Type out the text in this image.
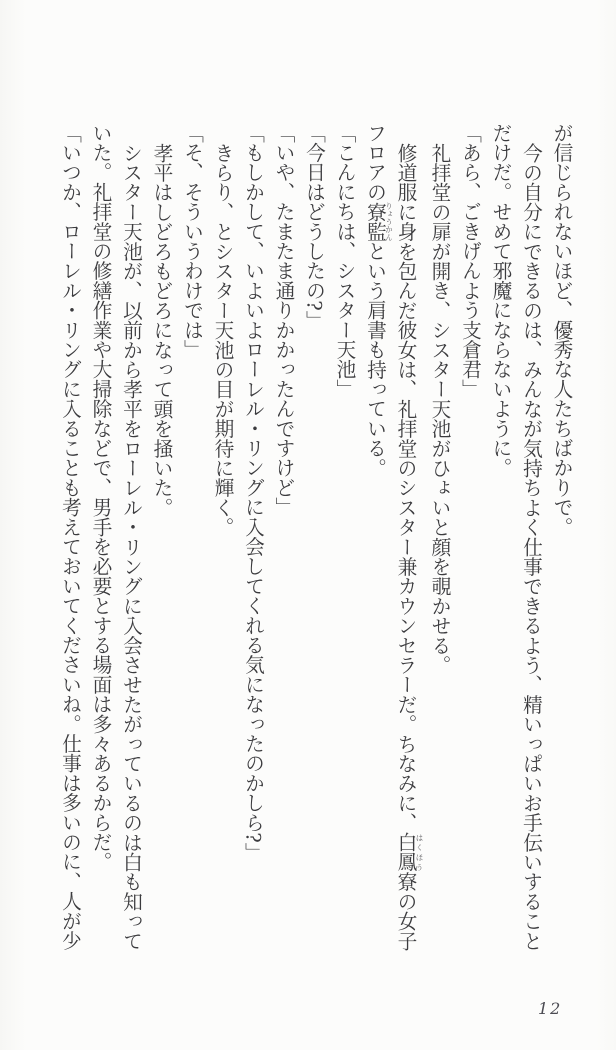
が信じられないほど、優秀な人たちばかりで。

今の自分にできるのは、みんなが気持ちよく仕事できるよう、精いっぱいお手伝いすることだけだ。せめて邪魔にならないように。

「あら、ごきげんよう支倉君」

礼拝堂の扉が開き、シスター天池がひょいと顔を覗かせる。

修道服に身を包んだ彼女は、礼拝堂のシスター兼カウンセラーだ。ちなみに、白鳳はくほう寮の女子フロアの寮監りょうかんという肩書も持っている。

「こんにちは、シスター天池」

「今日はどうしたの?」

「いや、たまたま通りかかったんですけど」

「もしかして、いよいよローレル・リングに入会してくれる気になったのかしら?」

きらり、とシスター天池の目が期待に輝く。

「そ、そういうわけでは」

孝平はしどろもどろになって頭を掻いた。

シスター天池が、以前から孝平をローレル・リングに入会させたがっているのは白も知っていた。礼拝堂の修繕作業や大掃除などで、男手を必要とする場面は多々あるからだ。

「いつか、ローレル・リングに入ることも考えておいてくださいね。仕事は多いのに、人が少

12
